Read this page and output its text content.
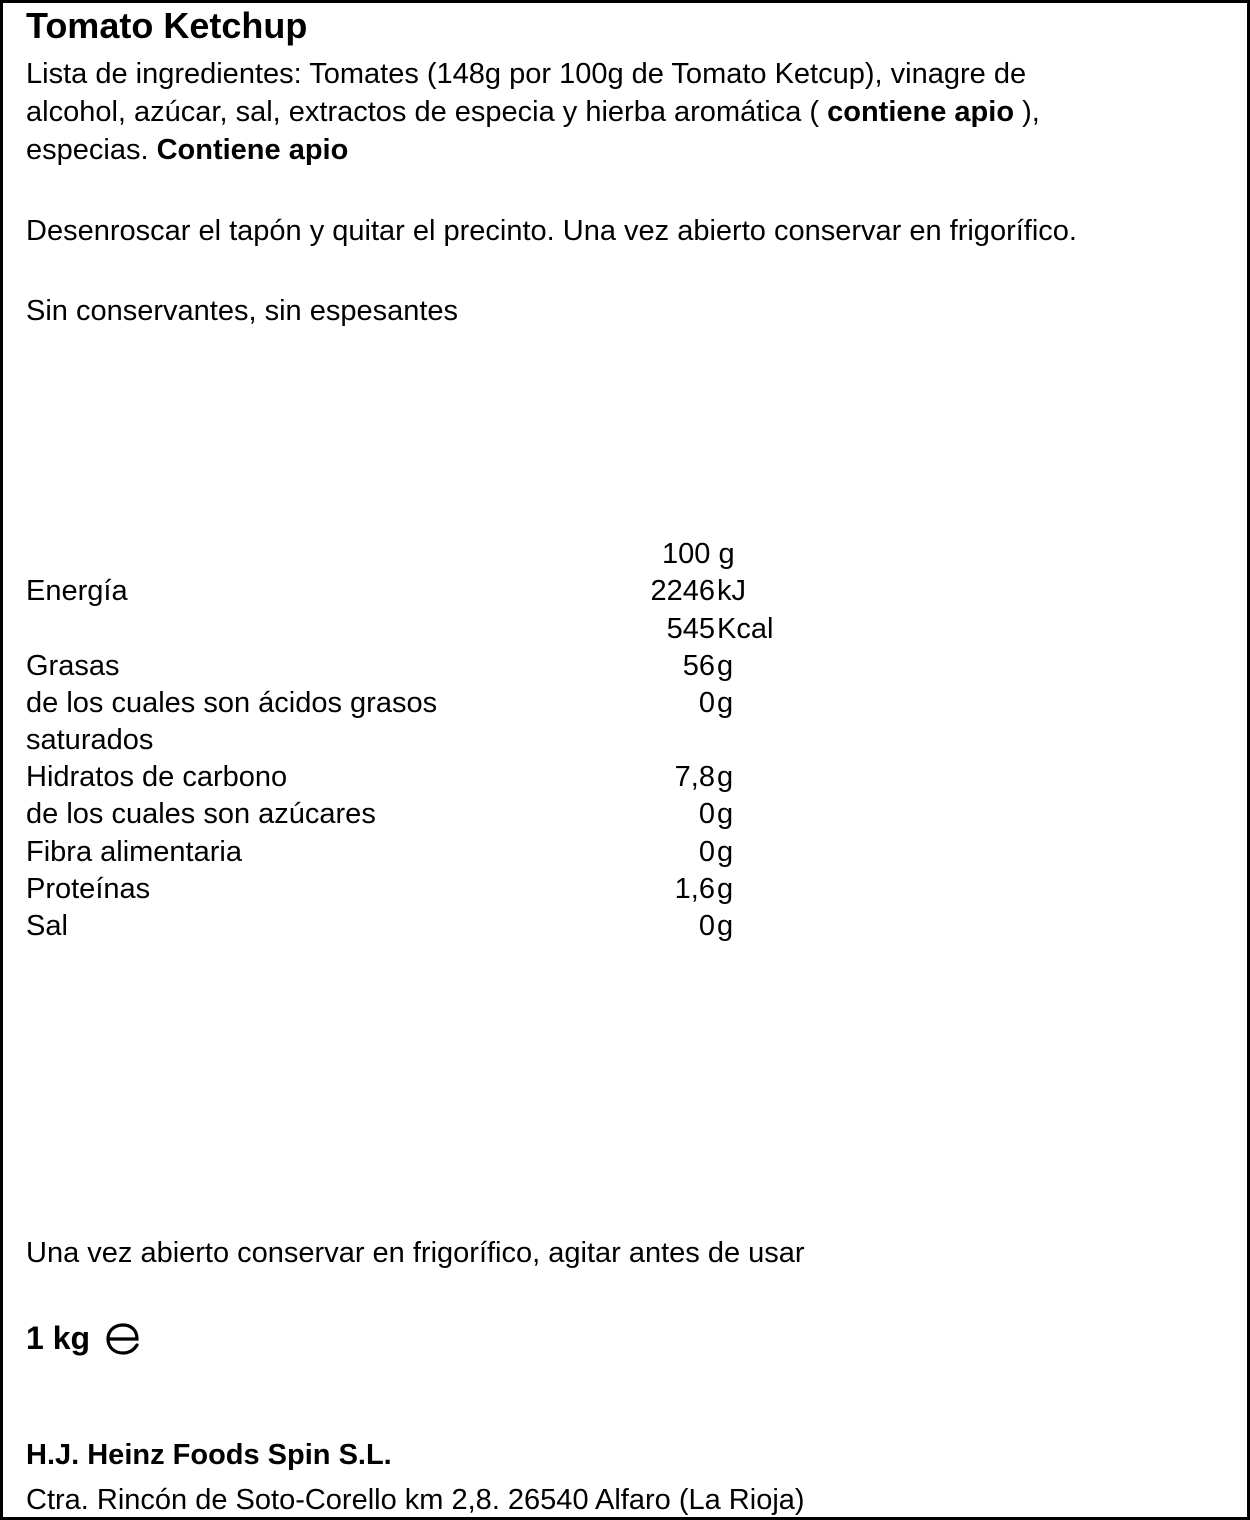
Tomato Ketchup
Lista de ingredientes: Tomates (148g por 100g de Tomato Ketcup), vinagre de
alcohol, azúcar, sal, extractos de especia y hierba aromática ( contiene apio ),
especias. Contiene apio
Desenroscar el tapón y quitar el precinto. Una vez abierto conservar en frigorífico.
Sin conservantes, sin espesantes
100 g
Energía	2246 kJ
545 Kcal
Grasas	56 g
de los cuales son ácidos grasos	0 g
saturados
Hidratos de carbono	7,8 g
de los cuales son azúcares	0 g
Fibra alimentaria	0 g
Proteínas	1,6 g
Sal	0 g
Una vez abierto conservar en frigorífico, agitar antes de usar
1 kg
H.J. Heinz Foods Spin S.L.
Ctra. Rincón de Soto-Corello km 2,8. 26540 Alfaro (La Rioja)
